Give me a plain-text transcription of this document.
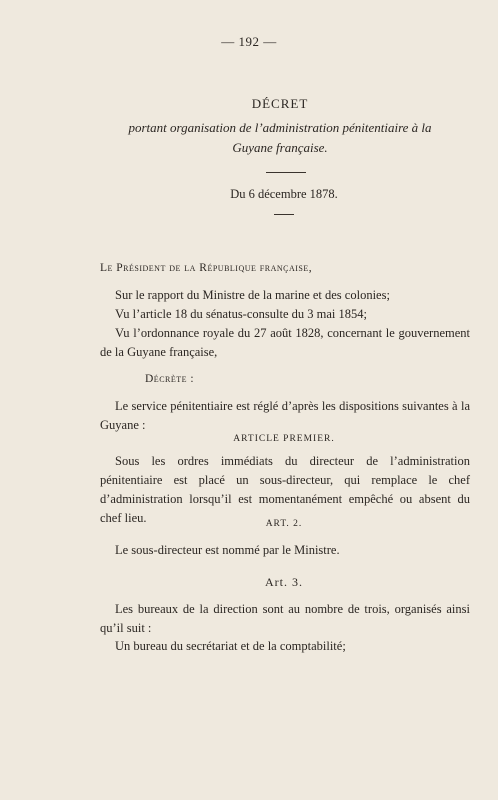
— 192 —
DÉCRET
portant organisation de l’administration pénitentiaire à la Guyane française.
Du 6 décembre 1878.
Le Président de la République française,
Sur le rapport du Ministre de la marine et des colonies;
Vu l’article 18 du sénatus-consulte du 3 mai 1854;
Vu l’ordonnance royale du 27 août 1828, concernant le gouvernement de la Guyane française,
Décrète :
Le service pénitentiaire est réglé d’après les dispositions suivantes à la Guyane :
ARTICLE PREMIER.
Sous les ordres immédiats du directeur de l’administration pénitentiaire est placé un sous-directeur, qui remplace le chef d’administration lorsqu’il est momentanément empêché ou absent du chef lieu.	ART. 2.
Le sous-directeur est nommé par le Ministre.
Art. 3.
Les bureaux de la direction sont au nombre de trois, organisés ainsi qu’il suit :
Un bureau du secrétariat et de la comptabilité;
